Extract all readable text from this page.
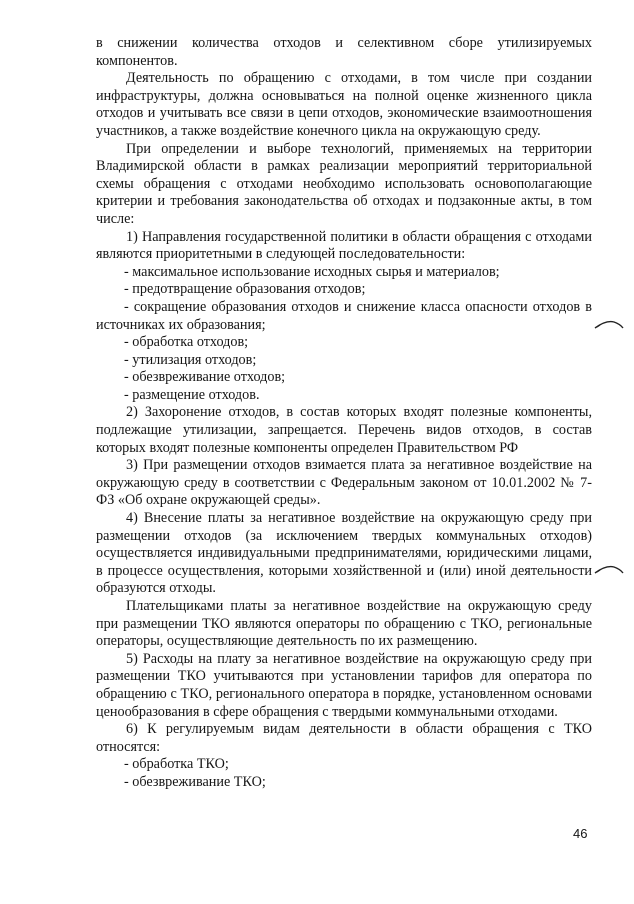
в снижении количества отходов и селективном сборе утилизируемых компонентов.

Деятельность по обращению с отходами, в том числе при создании инфраструктуры, должна основываться на полной оценке жизненного цикла отходов и учитывать все связи в цепи отходов, экономические взаимоотношения участников, а также воздействие конечного цикла на окружающую среду.

При определении и выборе технологий, применяемых на территории Владимирской области в рамках реализации мероприятий территориальной схемы обращения с отходами необходимо использовать основополагающие критерии и требования законодательства об отходах и подзаконные акты, в том числе:

1) Направления государственной политики в области обращения с отходами являются приоритетными в следующей последовательности:

- максимальное использование исходных сырья и материалов;

- предотвращение образования отходов;

- сокращение образования отходов и снижение класса опасности отходов в источниках их образования;

- обработка отходов;

- утилизация отходов;

- обезвреживание отходов;

- размещение отходов.

2) Захоронение отходов, в состав которых входят полезные компоненты, подлежащие утилизации, запрещается. Перечень видов отходов, в состав которых входят полезные компоненты определен Правительством РФ

3) При размещении отходов взимается плата за негативное воздействие на окружающую среду в соответствии с Федеральным законом от 10.01.2002 № 7-ФЗ «Об охране окружающей среды».

4) Внесение платы за негативное воздействие на окружающую среду при размещении отходов (за исключением твердых коммунальных отходов) осуществляется индивидуальными предпринимателями, юридическими лицами, в процессе осуществления, которыми хозяйственной и (или) иной деятельности образуются отходы.

Плательщиками платы за негативное воздействие на окружающую среду при размещении ТКО являются операторы по обращению с ТКО, региональные операторы, осуществляющие деятельность по их размещению.

5) Расходы на плату за негативное воздействие на окружающую среду при размещении ТКО учитываются при установлении тарифов для оператора по обращению с ТКО, регионального оператора в порядке, установленном основами ценообразования в сфере обращения с твердыми коммунальными отходами.

6) К регулируемым видам деятельности в области обращения с ТКО относятся:

- обработка ТКО;

- обезвреживание ТКО;

46
